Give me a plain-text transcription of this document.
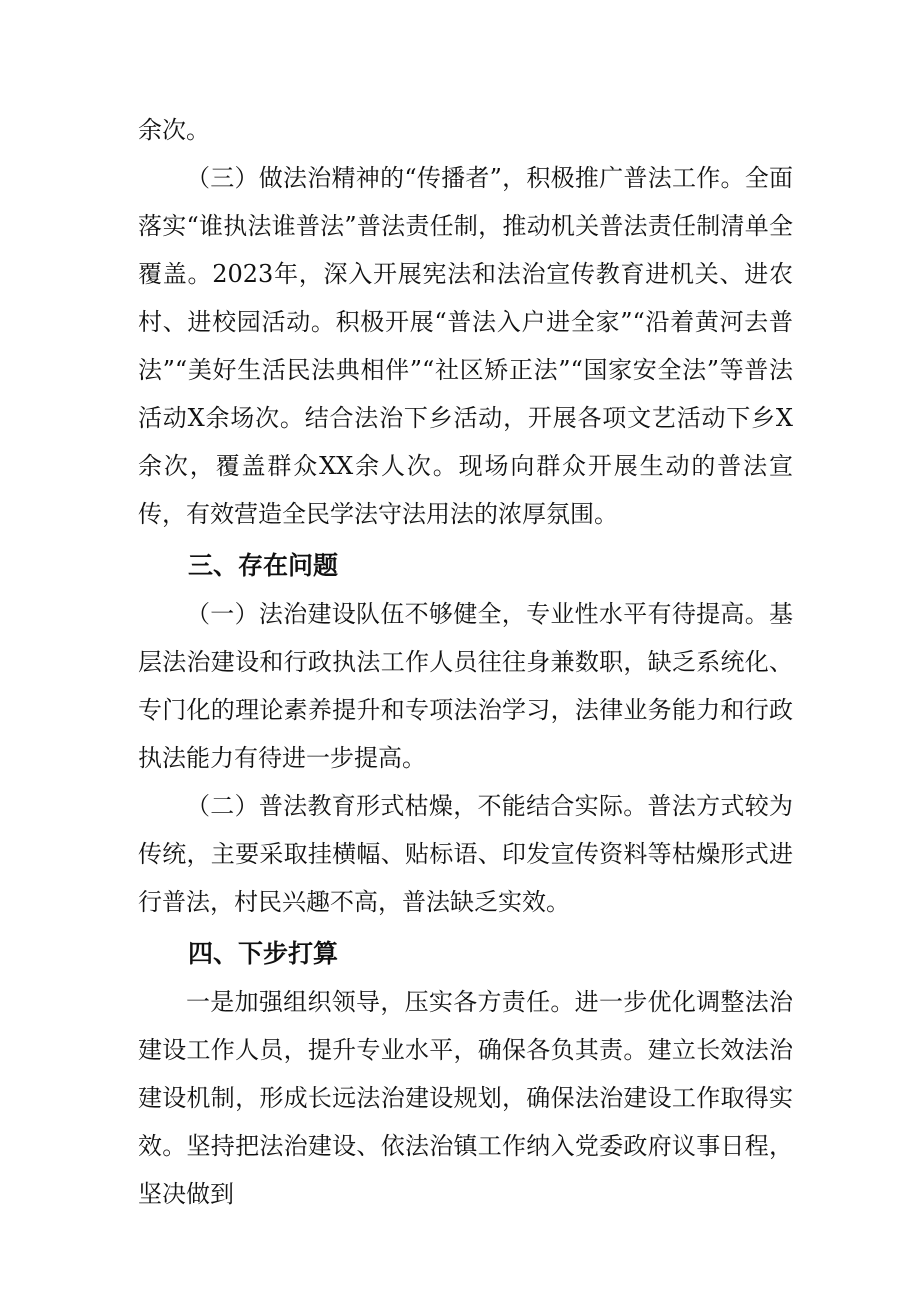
余次。

（三）做法治精神的“传播者”，积极推广普法工作。全面落实“谁执法谁普法”普法责任制，推动机关普法责任制清单全覆盖。2023年，深入开展宪法和法治宣传教育进机关、进农村、进校园活动。积极开展“普法入户进全家”“沿着黄河去普法”“美好生活民法典相伴”“社区矫正法”“国家安全法”等普法活动X余场次。结合法治下乡活动，开展各项文艺活动下乡X余次，覆盖群众XX余人次。现场向群众开展生动的普法宣传，有效营造全民学法守法用法的浓厚氛围。

三、存在问题

（一）法治建设队伍不够健全，专业性水平有待提高。基层法治建设和行政执法工作人员往往身兼数职，缺乏系统化、专门化的理论素养提升和专项法治学习，法律业务能力和行政执法能力有待进一步提高。

（二）普法教育形式枯燥，不能结合实际。普法方式较为传统，主要采取挂横幅、贴标语、印发宣传资料等枯燥形式进行普法，村民兴趣不高，普法缺乏实效。

四、下步打算

一是加强组织领导，压实各方责任。进一步优化调整法治建设工作人员，提升专业水平，确保各负其责。建立长效法治建设机制，形成长远法治建设规划，确保法治建设工作取得实效。坚持把法治建设、依法治镇工作纳入党委政府议事日程，坚决做到
